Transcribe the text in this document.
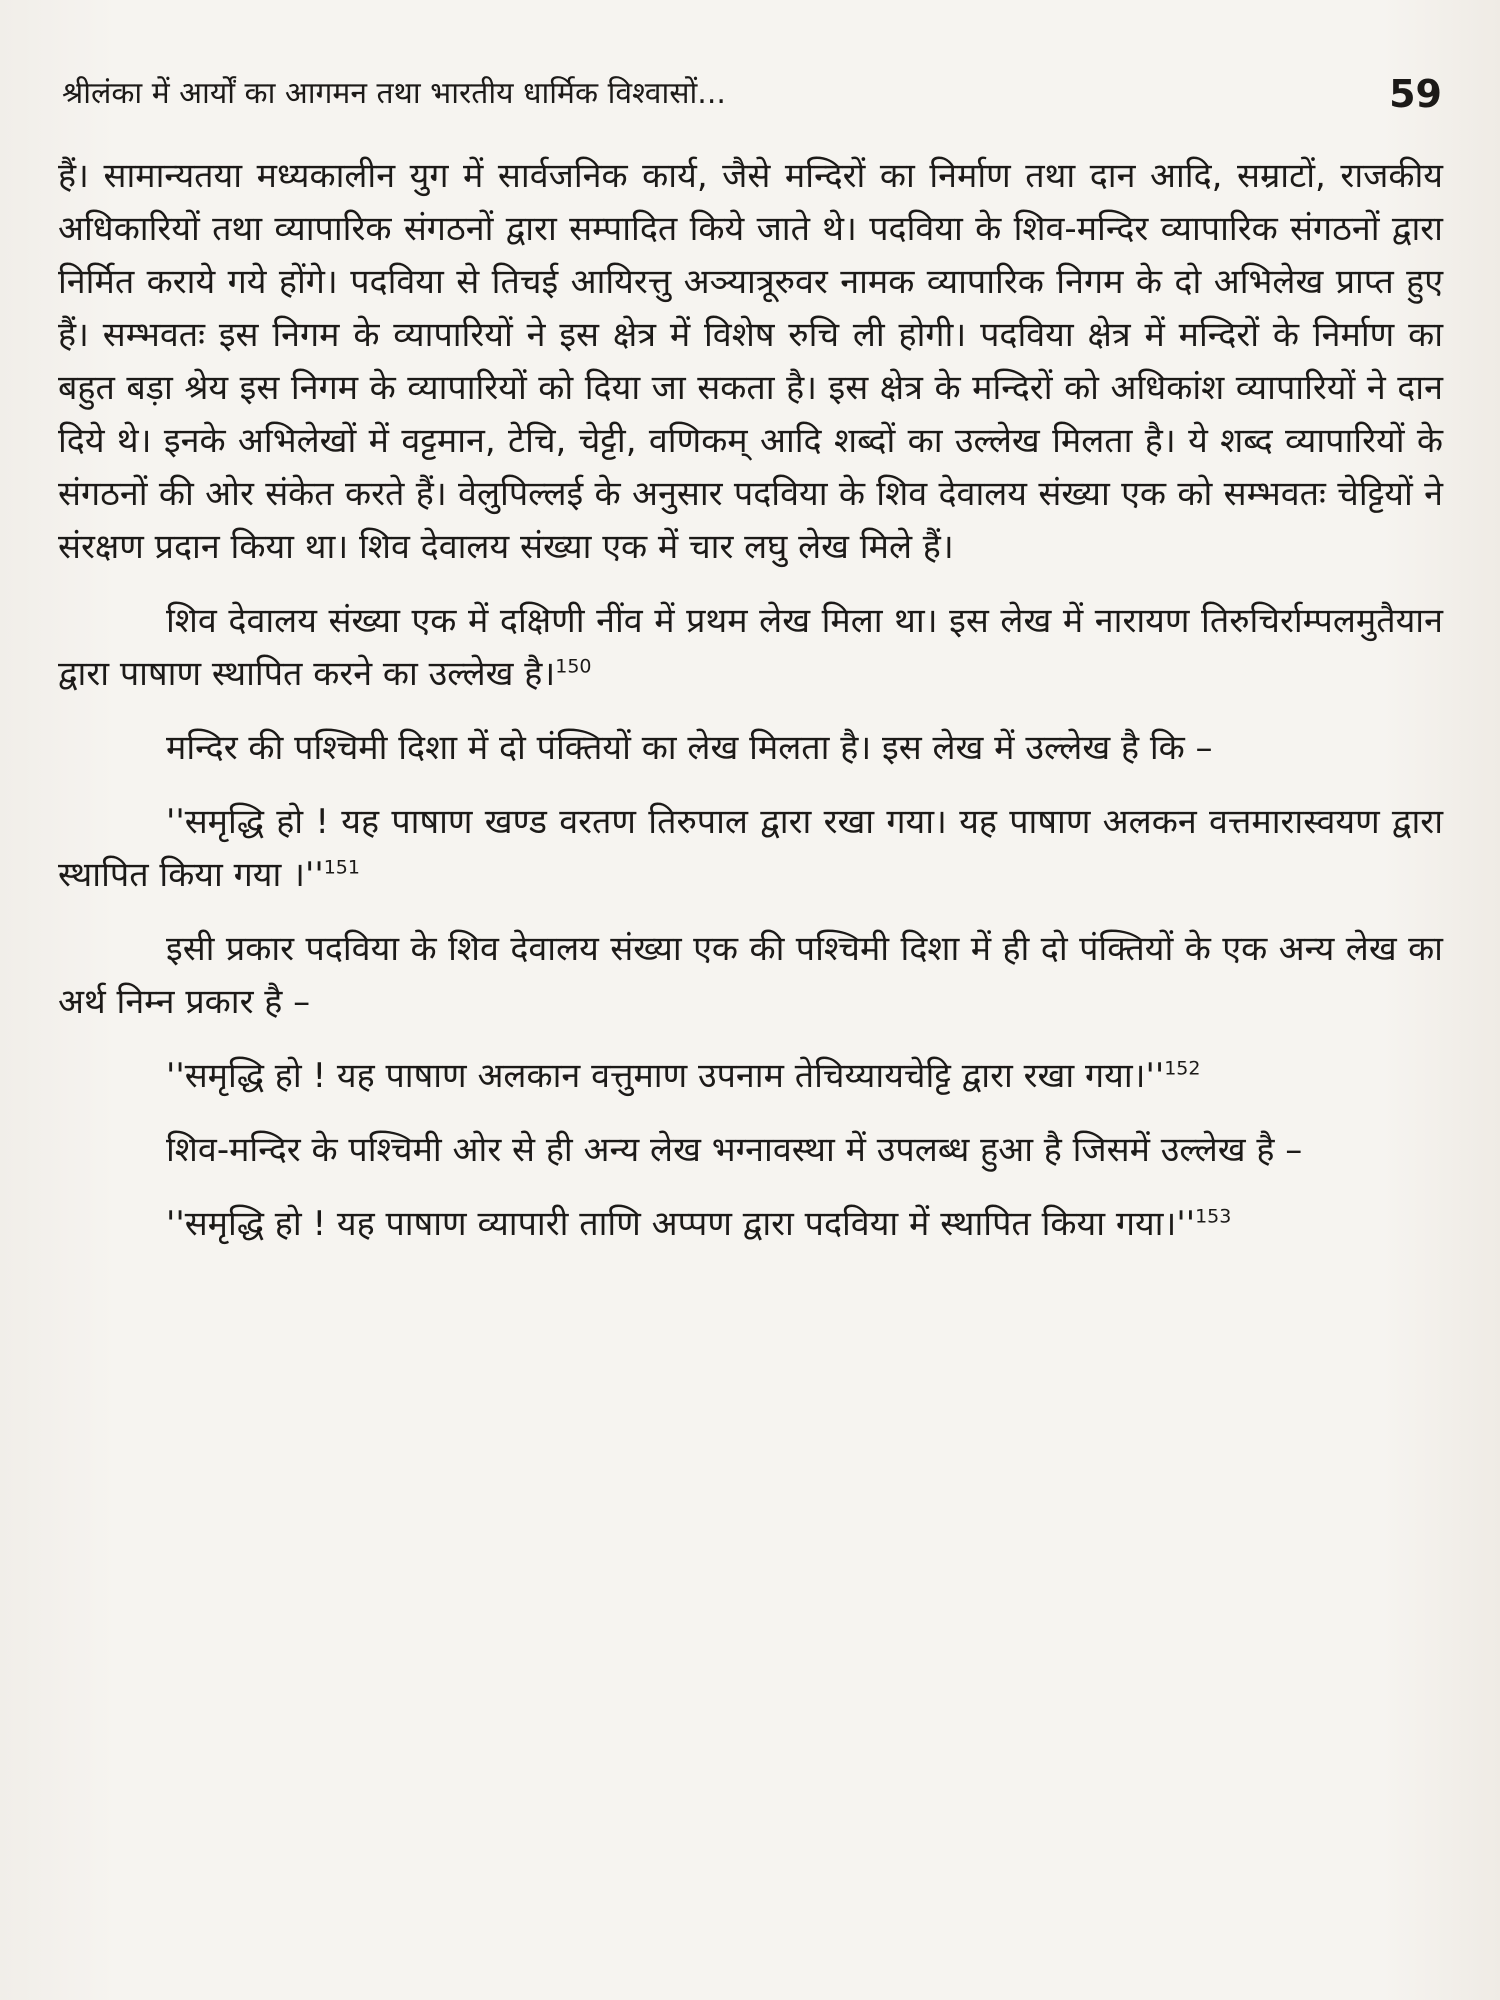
श्रीलंका में आर्यों का आगमन तथा भारतीय धार्मिक विश्वासों...	59

हैं। सामान्यतया मध्यकालीन युग में सार्वजनिक कार्य, जैसे मन्दिरों का निर्माण तथा दान आदि, सम्राटों, राजकीय अधिकारियों तथा व्यापारिक संगठनों द्वारा सम्पादित किये जाते थे। पदविया के शिव-मन्दिर व्यापारिक संगठनों द्वारा निर्मित कराये गये होंगे। पदविया से तिचई आयिरत्तु अञ्यात्रूरुवर नामक व्यापारिक निगम के दो अभिलेख प्राप्त हुए हैं। सम्भवतः इस निगम के व्यापारियों ने इस क्षेत्र में विशेष रुचि ली होगी। पदविया क्षेत्र में मन्दिरों के निर्माण का बहुत बड़ा श्रेय इस निगम के व्यापारियों को दिया जा सकता है। इस क्षेत्र के मन्दिरों को अधिकांश व्यापारियों ने दान दिये थे। इनके अभिलेखों में वट्टमान, टेचि, चेट्टी, वणिकम् आदि शब्दों का उल्लेख मिलता है। ये शब्द व्यापारियों के संगठनों की ओर संकेत करते हैं। वेलुपिल्लई के अनुसार पदविया के शिव देवालय संख्या एक को सम्भवतः चेट्टियों ने संरक्षण प्रदान किया था। शिव देवालय संख्या एक में चार लघु लेख मिले हैं।

शिव देवालय संख्या एक में दक्षिणी नींव में प्रथम लेख मिला था। इस लेख में नारायण तिरुचिर्राम्पलमुतैयान द्वारा पाषाण स्थापित करने का उल्लेख है।$^{150}$

मन्दिर की पश्चिमी दिशा में दो पंक्तियों का लेख मिलता है। इस लेख में उल्लेख है कि –

''समृद्धि हो ! यह पाषाण खण्ड वरतण तिरुपाल द्वारा रखा गया। यह पाषाण अलकन वत्तमारास्वयण द्वारा स्थापित किया गया ।''$^{151}$

इसी प्रकार पदविया के शिव देवालय संख्या एक की पश्चिमी दिशा में ही दो पंक्तियों के एक अन्य लेख का अर्थ निम्न प्रकार है –

''समृद्धि हो ! यह पाषाण अलकान वत्तुमाण उपनाम तेचिय्यायचेट्टि द्वारा रखा गया।''$^{152}$

शिव-मन्दिर के पश्चिमी ओर से ही अन्य लेख भग्नावस्था में उपलब्ध हुआ है जिसमें उल्लेख है –

''समृद्धि हो ! यह पाषाण व्यापारी ताणि अप्पण द्वारा पदविया में स्थापित किया गया।''$^{153}$
